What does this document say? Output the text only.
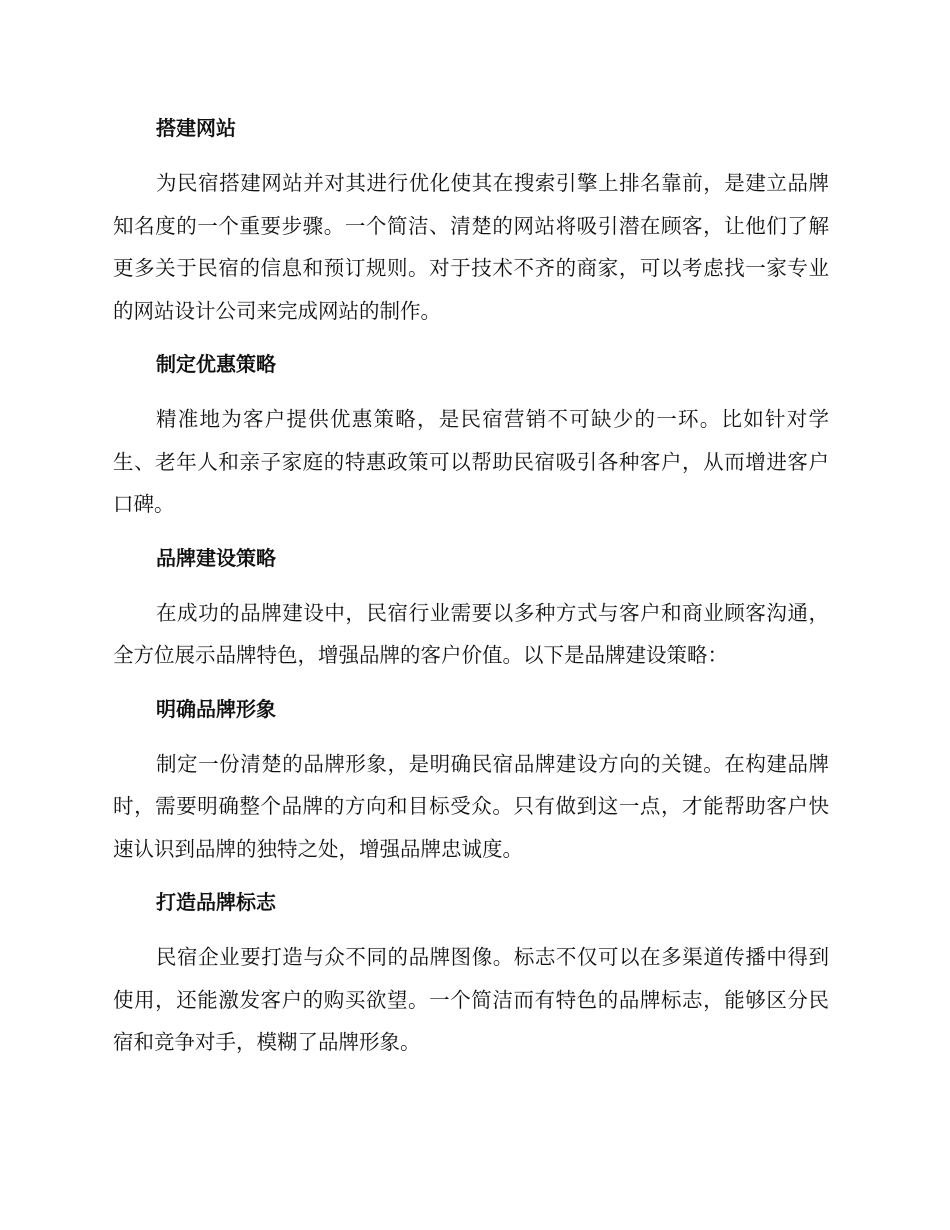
搭建网站

为民宿搭建网站并对其进行优化使其在搜索引擎上排名靠前，是建立品牌知名度的一个重要步骤。一个简洁、清楚的网站将吸引潜在顾客，让他们了解更多关于民宿的信息和预订规则。对于技术不齐的商家，可以考虑找一家专业的网站设计公司来完成网站的制作。

制定优惠策略

精准地为客户提供优惠策略，是民宿营销不可缺少的一环。比如针对学生、老年人和亲子家庭的特惠政策可以帮助民宿吸引各种客户，从而增进客户口碑。

品牌建设策略

在成功的品牌建设中，民宿行业需要以多种方式与客户和商业顾客沟通，全方位展示品牌特色，增强品牌的客户价值。以下是品牌建设策略：

明确品牌形象

制定一份清楚的品牌形象，是明确民宿品牌建设方向的关键。在构建品牌时，需要明确整个品牌的方向和目标受众。只有做到这一点，才能帮助客户快速认识到品牌的独特之处，增强品牌忠诚度。

打造品牌标志

民宿企业要打造与众不同的品牌图像。标志不仅可以在多渠道传播中得到使用，还能激发客户的购买欲望。一个简洁而有特色的品牌标志，能够区分民宿和竞争对手，模糊了品牌形象。
